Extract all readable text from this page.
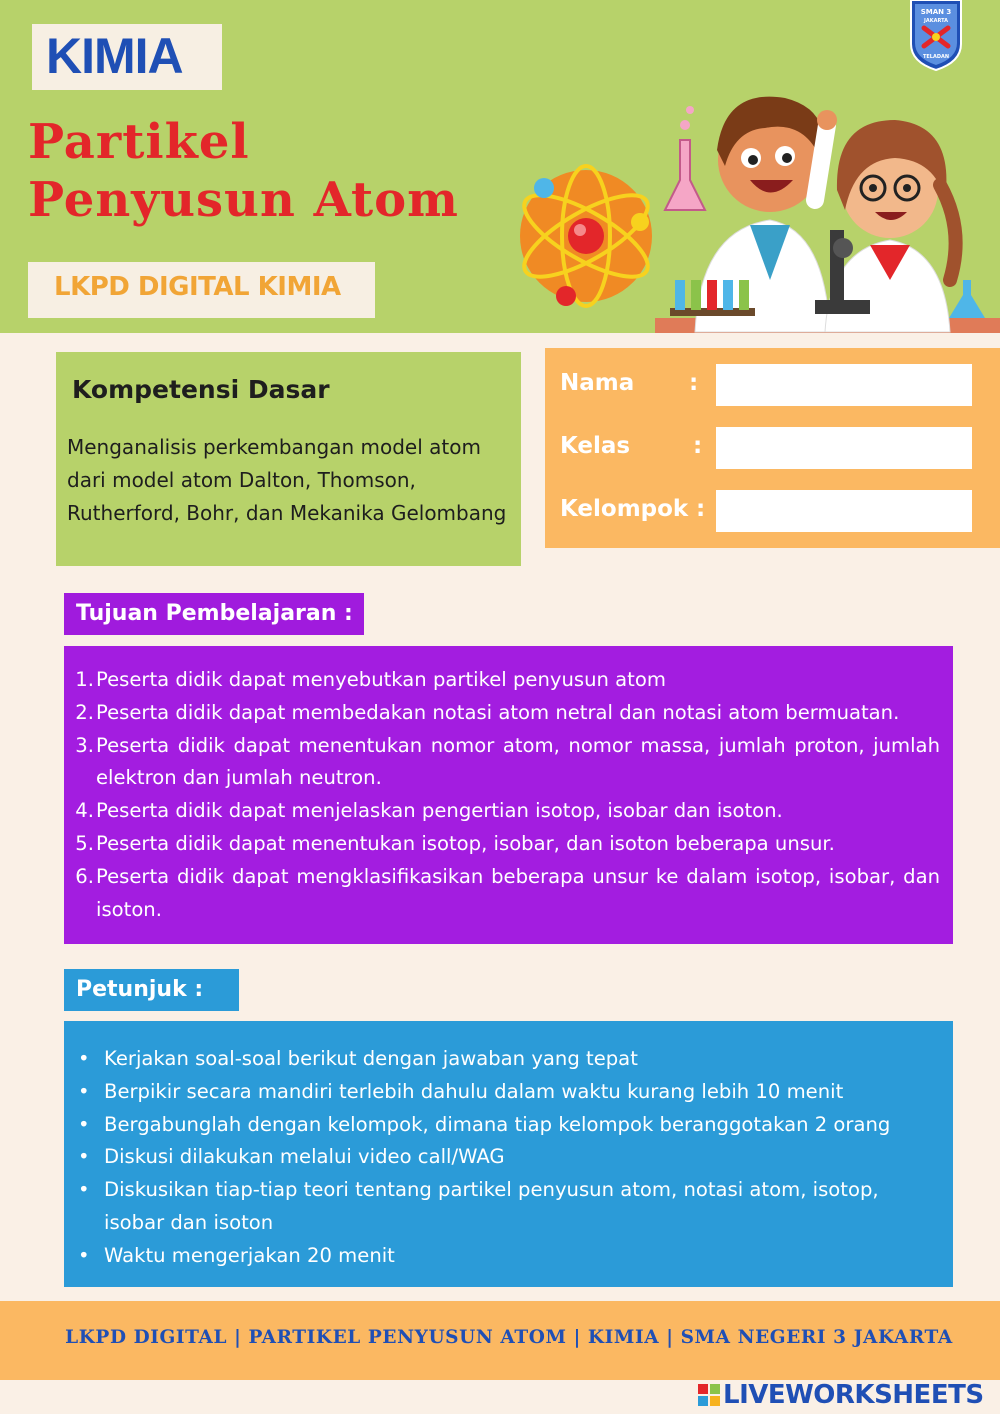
KIMIA
Partikel
Penyusun Atom
LKPD DIGITAL KIMIA
SMAN 3
JAKARTA
TELADAN
Kompetensi Dasar
Menganalisis perkembangan model atom
dari model atom Dalton, Thomson,
Rutherford, Bohr, dan Mekanika Gelombang
Nama :
Kelas	:
Kelompok :
Tujuan Pembelajaran :
1. Peserta didik dapat menyebutkan partikel penyusun atom
2. Peserta didik dapat membedakan notasi atom netral dan notasi atom bermuatan.
3. Peserta didik dapat menentukan nomor atom, nomor massa, jumlah proton, jumlah elektron dan jumlah neutron.
4. Peserta didik dapat menjelaskan pengertian isotop, isobar dan isoton.
5. Peserta didik dapat menentukan isotop, isobar, dan isoton beberapa unsur.
6. Peserta didik dapat mengklasifikasikan beberapa unsur ke dalam isotop, isobar, dan isoton.
Petunjuk :
• Kerjakan soal-soal berikut dengan jawaban yang tepat
• Berpikir secara mandiri terlebih dahulu dalam waktu kurang lebih 10 menit
• Bergabunglah dengan kelompok, dimana tiap kelompok beranggotakan 2 orang
• Diskusi dilakukan melalui video call/WAG
• Diskusikan tiap-tiap teori tentang partikel penyusun atom, notasi atom, isotop, isobar dan isoton
• Waktu mengerjakan 20 menit
LKPD DIGITAL | PARTIKEL PENYUSUN ATOM | KIMIA | SMA NEGERI 3 JAKARTA
LIVEWORKSHEETS
